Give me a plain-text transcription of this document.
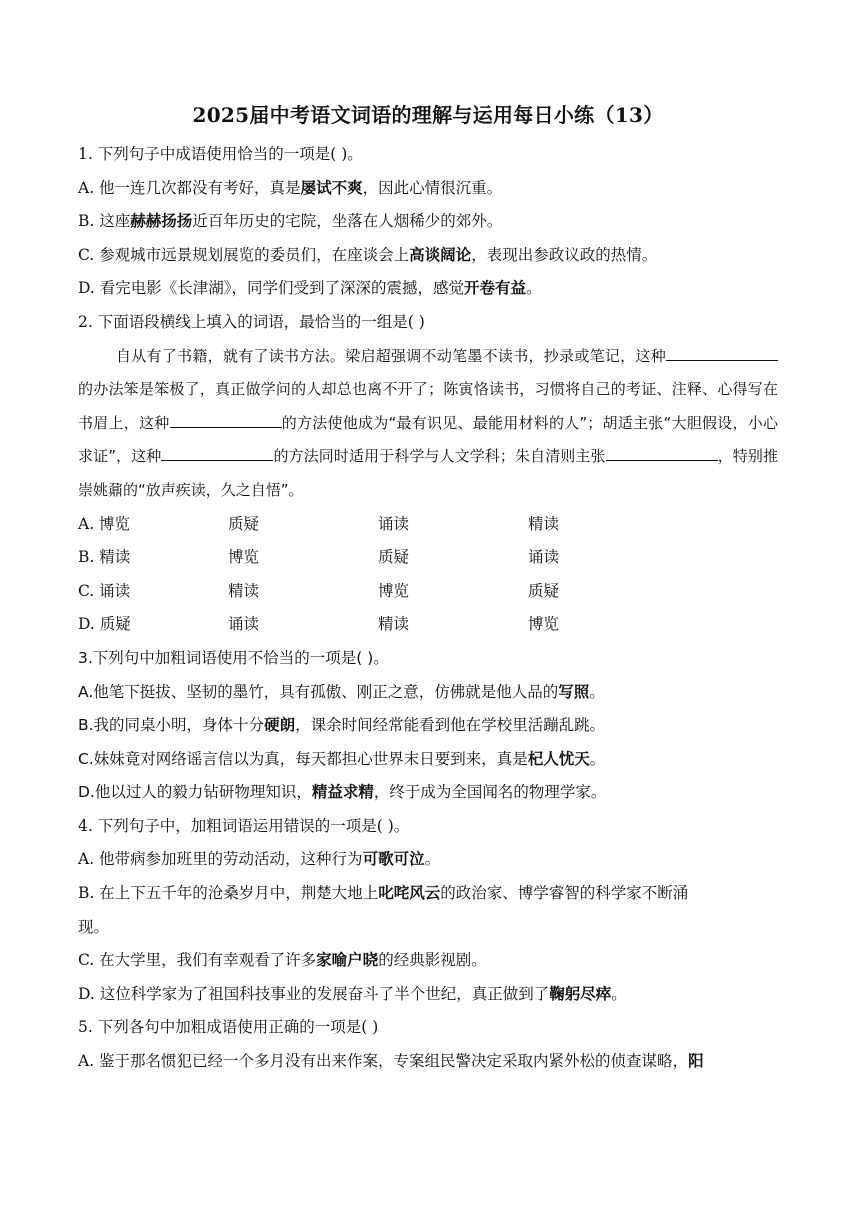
2025届中考语文词语的理解与运用每日小练（13）

1. 下列句子中成语使用恰当的一项是( )。

A. 他一连几次都没有考好，真是屡试不爽，因此心情很沉重。

B. 这座赫赫扬扬近百年历史的宅院，坐落在人烟稀少的郊外。

C. 参观城市远景规划展览的委员们，在座谈会上高谈阔论，表现出参政议政的热情。

D. 看完电影《长津湖》，同学们受到了深深的震撼，感觉开卷有益。

2. 下面语段横线上填入的词语，最恰当的一组是( )

自从有了书籍，就有了读书方法。梁启超强调不动笔墨不读书，抄录或笔记，这种的办法笨是笨极了，真正做学问的人却总也离不开了；陈寅恪读书，习惯将自己的考证、注释、心得写在书眉上，这种	的方法使他成为“最有识见、最能用材料的人”；胡适主张“大胆假设，小心求证”，这种	的方法同时适用于科学与人文学科；朱自清则主张	，特别推崇姚鼐的“放声疾读，久之自悟”。

A. 博览	质疑	诵读	精读
B. 精读	博览	质疑	诵读
C. 诵读	精读	博览	质疑
D. 质疑	诵读	精读	博览

3.下列句中加粗词语使用不恰当的一项是( )。

A.他笔下挺拔、坚韧的墨竹，具有孤傲、刚正之意，仿佛就是他人品的写照。

B.我的同桌小明，身体十分硬朗，课余时间经常能看到他在学校里活蹦乱跳。

C.妹妹竟对网络谣言信以为真，每天都担心世界末日要到来，真是杞人忧天。

D.他以过人的毅力钻研物理知识，精益求精，终于成为全国闻名的物理学家。

4. 下列句子中，加粗词语运用错误的一项是( )。

A. 他带病参加班里的劳动活动，这种行为可歌可泣。

B. 在上下五千年的沧桑岁月中，荆楚大地上叱咤风云的政治家、博学睿智的科学家不断涌

现。

C. 在大学里，我们有幸观看了许多家喻户晓的经典影视剧。

D. 这位科学家为了祖国科技事业的发展奋斗了半个世纪，真正做到了鞠躬尽瘁。

5. 下列各句中加粗成语使用正确的一项是( )

A. 鉴于那名惯犯已经一个多月没有出来作案，专案组民警决定采取内紧外松的侦查谋略，阳
